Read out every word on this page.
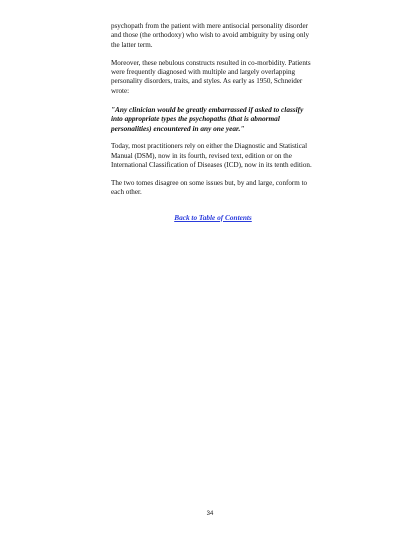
psychopath from the patient with mere antisocial personality disorder and those (the orthodoxy) who wish to avoid ambiguity by using only the latter term.

Moreover, these nebulous constructs resulted in co-morbidity. Patients were frequently diagnosed with multiple and largely overlapping personality disorders, traits, and styles. As early as 1950, Schneider wrote:

"Any clinician would be greatly embarrassed if asked to classify into appropriate types the psychopaths (that is abnormal personalities) encountered in any one year."

Today, most practitioners rely on either the Diagnostic and Statistical Manual (DSM), now in its fourth, revised text, edition or on the International Classification of Diseases (ICD), now in its tenth edition.

The two tomes disagree on some issues but, by and large, conform to each other.

Back to Table of Contents
34
